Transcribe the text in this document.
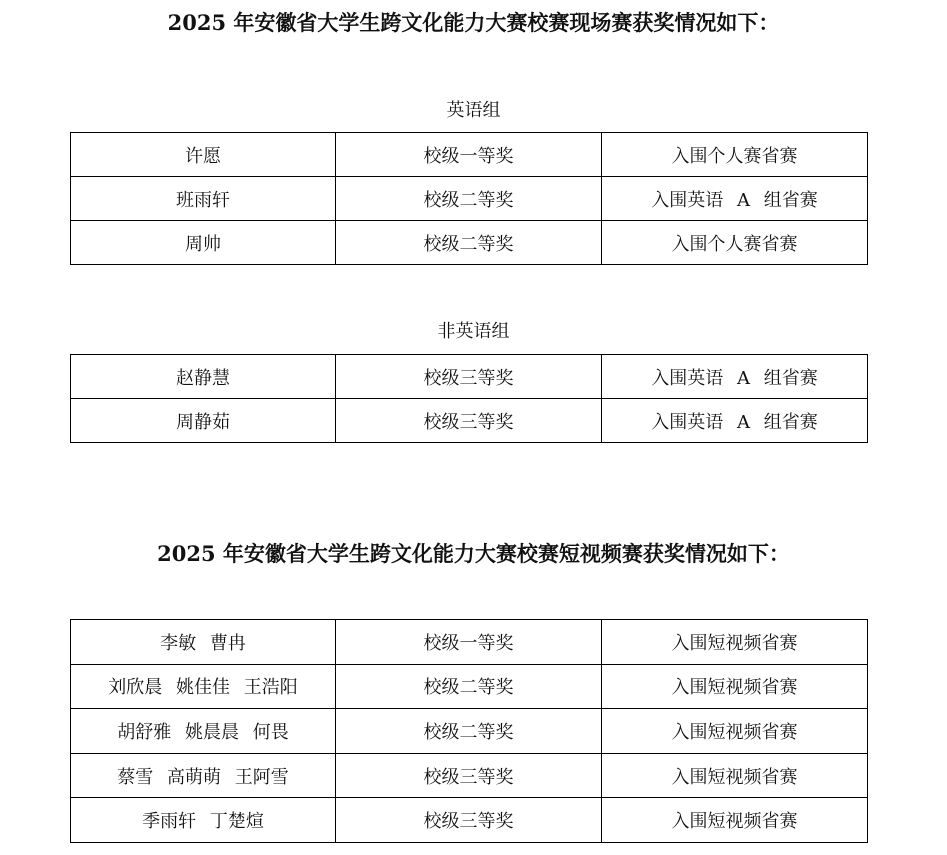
2025 年安徽省大学生跨文化能力大赛校赛现场赛获奖情况如下：
英语组
许愿	校级一等奖	入围个人赛省赛
班雨轩	校级二等奖	入围英语 A 组省赛
周帅	校级二等奖	入围个人赛省赛
非英语组
赵静慧	校级三等奖	入围英语 A 组省赛
周静茹	校级三等奖	入围英语 A 组省赛
2025 年安徽省大学生跨文化能力大赛校赛短视频赛获奖情况如下：
李敏 曹冉	校级一等奖	入围短视频省赛
刘欣晨 姚佳佳 王浩阳	校级二等奖	入围短视频省赛
胡舒雅 姚晨晨 何畏	校级二等奖	入围短视频省赛
蔡雪 高萌萌 王阿雪	校级三等奖	入围短视频省赛
季雨轩 丁楚煊	校级三等奖	入围短视频省赛
